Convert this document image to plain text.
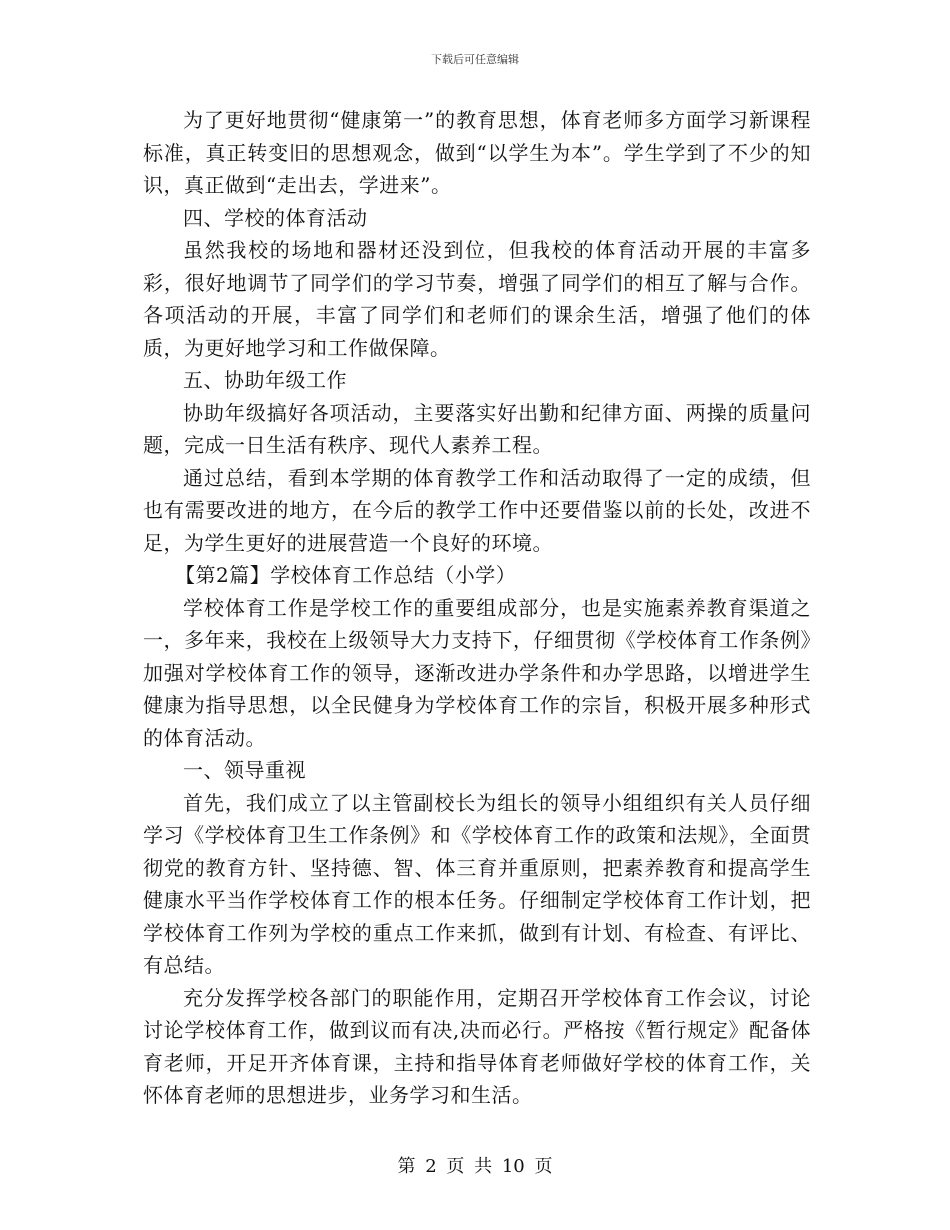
下载后可任意编辑

为了更好地贯彻“健康第一”的教育思想，体育老师多方面学习新课程标准，真正转变旧的思想观念，做到“以学生为本”。学生学到了不少的知识，真正做到“走出去，学进来”。

四、学校的体育活动

虽然我校的场地和器材还没到位，但我校的体育活动开展的丰富多彩，很好地调节了同学们的学习节奏，增强了同学们的相互了解与合作。各项活动的开展，丰富了同学们和老师们的课余生活，增强了他们的体质，为更好地学习和工作做保障。

五、协助年级工作

协助年级搞好各项活动，主要落实好出勤和纪律方面、两操的质量问题，完成一日生活有秩序、现代人素养工程。

通过总结，看到本学期的体育教学工作和活动取得了一定的成绩，但也有需要改进的地方，在今后的教学工作中还要借鉴以前的长处，改进不足，为学生更好的进展营造一个良好的环境。

【第2篇】学校体育工作总结（小学）

学校体育工作是学校工作的重要组成部分，也是实施素养教育渠道之一，多年来，我校在上级领导大力支持下，仔细贯彻《学校体育工作条例》加强对学校体育工作的领导，逐渐改进办学条件和办学思路，以增进学生健康为指导思想，以全民健身为学校体育工作的宗旨，积极开展多种形式的体育活动。

一、领导重视

首先，我们成立了以主管副校长为组长的领导小组组织有关人员仔细学习《学校体育卫生工作条例》和《学校体育工作的政策和法规》，全面贯彻党的教育方针、坚持德、智、体三育并重原则，把素养教育和提高学生健康水平当作学校体育工作的根本任务。仔细制定学校体育工作计划，把学校体育工作列为学校的重点工作来抓，做到有计划、有检查、有评比、有总结。

充分发挥学校各部门的职能作用，定期召开学校体育工作会议，讨论讨论学校体育工作，做到议而有决,决而必行。严格按《暂行规定》配备体育老师，开足开齐体育课，主持和指导体育老师做好学校的体育工作，关怀体育老师的思想进步，业务学习和生活。

第 2 页 共 10 页
